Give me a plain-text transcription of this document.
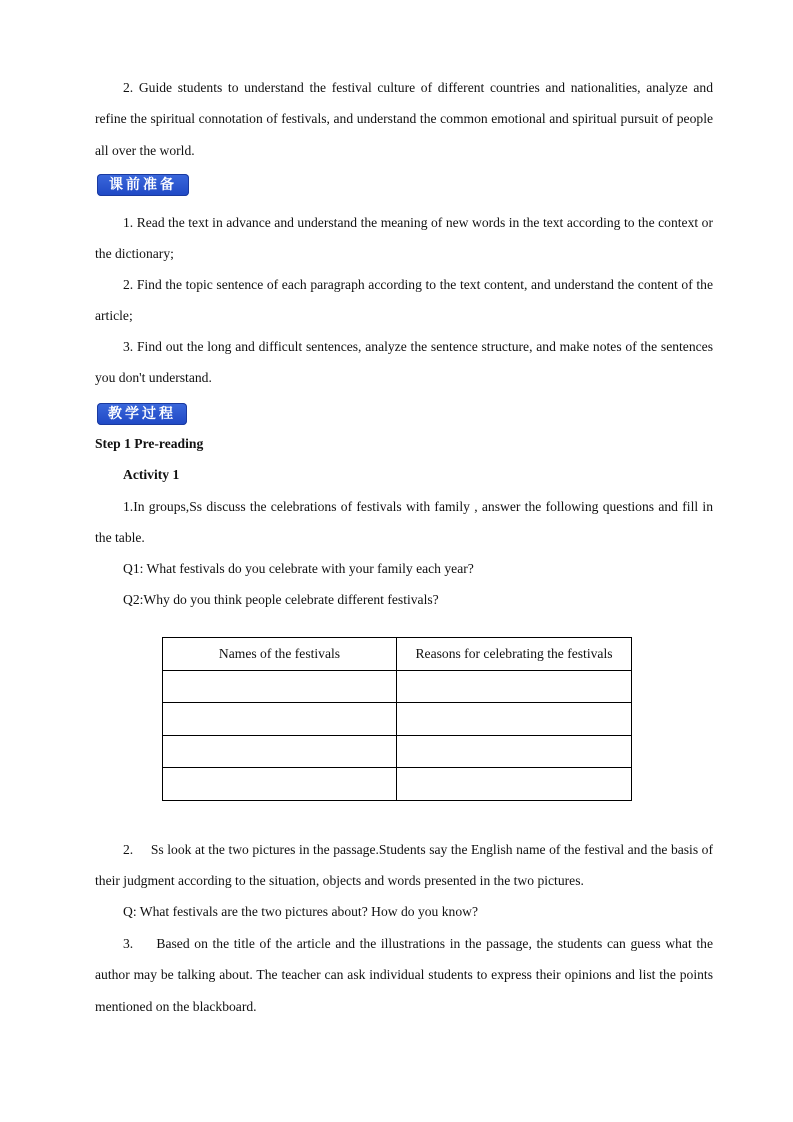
2. Guide students to understand the festival culture of different countries and nationalities, analyze and refine the spiritual connotation of festivals, and understand the common emotional and spiritual pursuit of people all over the world.
课前准备
1. Read the text in advance and understand the meaning of new words in the text according to the context or the dictionary;
2. Find the topic sentence of each paragraph according to the text content, and understand the content of the article;
3. Find out the long and difficult sentences, analyze the sentence structure, and make notes of the sentences you don't understand.
教学过程
Step 1 Pre-reading
Activity 1
1.In groups,Ss discuss the celebrations of festivals with family , answer the following questions and fill in the table.
Q1: What festivals do you celebrate with your family each year?
Q2:Why do you think people celebrate different festivals?
Names of the festivals	Reasons for celebrating the festivals

2.     Ss look at the two pictures in the passage.Students say the English name of the festival and the basis of their judgment according to the situation, objects and words presented in the two pictures.
Q: What festivals are the two pictures about? How do you know?
3.     Based on the title of the article and the illustrations in the passage, the students can guess what the author may be talking about. The teacher can ask individual students to express their opinions and list the points mentioned on the blackboard.
